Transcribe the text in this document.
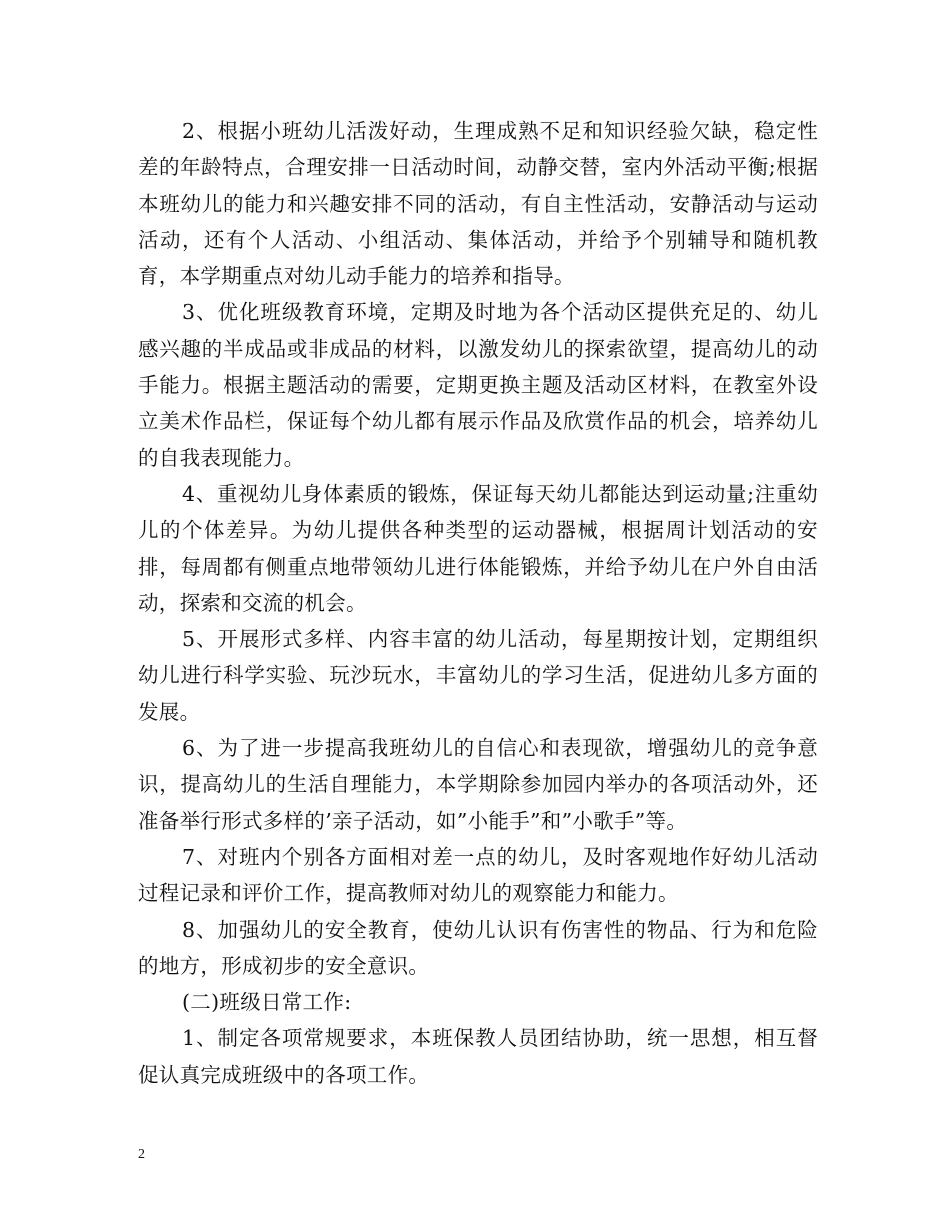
2、根据小班幼儿活泼好动，生理成熟不足和知识经验欠缺，稳定性差的年龄特点，合理安排一日活动时间，动静交替，室内外活动平衡;根据本班幼儿的能力和兴趣安排不同的活动，有自主性活动，安静活动与运动活动，还有个人活动、小组活动、集体活动，并给予个别辅导和随机教育，本学期重点对幼儿动手能力的培养和指导。

3、优化班级教育环境，定期及时地为各个活动区提供充足的、幼儿感兴趣的半成品或非成品的材料，以激发幼儿的探索欲望，提高幼儿的动手能力。根据主题活动的需要，定期更换主题及活动区材料，在教室外设立美术作品栏，保证每个幼儿都有展示作品及欣赏作品的机会，培养幼儿的自我表现能力。

4、重视幼儿身体素质的锻炼，保证每天幼儿都能达到运动量;注重幼儿的个体差异。为幼儿提供各种类型的运动器械，根据周计划活动的安排，每周都有侧重点地带领幼儿进行体能锻炼，并给予幼儿在户外自由活动，探索和交流的机会。

5、开展形式多样、内容丰富的幼儿活动，每星期按计划，定期组织幼儿进行科学实验、玩沙玩水，丰富幼儿的学习生活，促进幼儿多方面的发展。

6、为了进一步提高我班幼儿的自信心和表现欲，增强幼儿的竞争意识，提高幼儿的生活自理能力，本学期除参加园内举办的各项活动外，还准备举行形式多样的’亲子活动，如”小能手”和”小歌手”等。

7、对班内个别各方面相对差一点的幼儿，及时客观地作好幼儿活动过程记录和评价工作，提高教师对幼儿的观察能力和能力。

8、加强幼儿的安全教育，使幼儿认识有伤害性的物品、行为和危险的地方，形成初步的安全意识。

(二)班级日常工作:

1、制定各项常规要求，本班保教人员团结协助，统一思想，相互督促认真完成班级中的各项工作。

2
